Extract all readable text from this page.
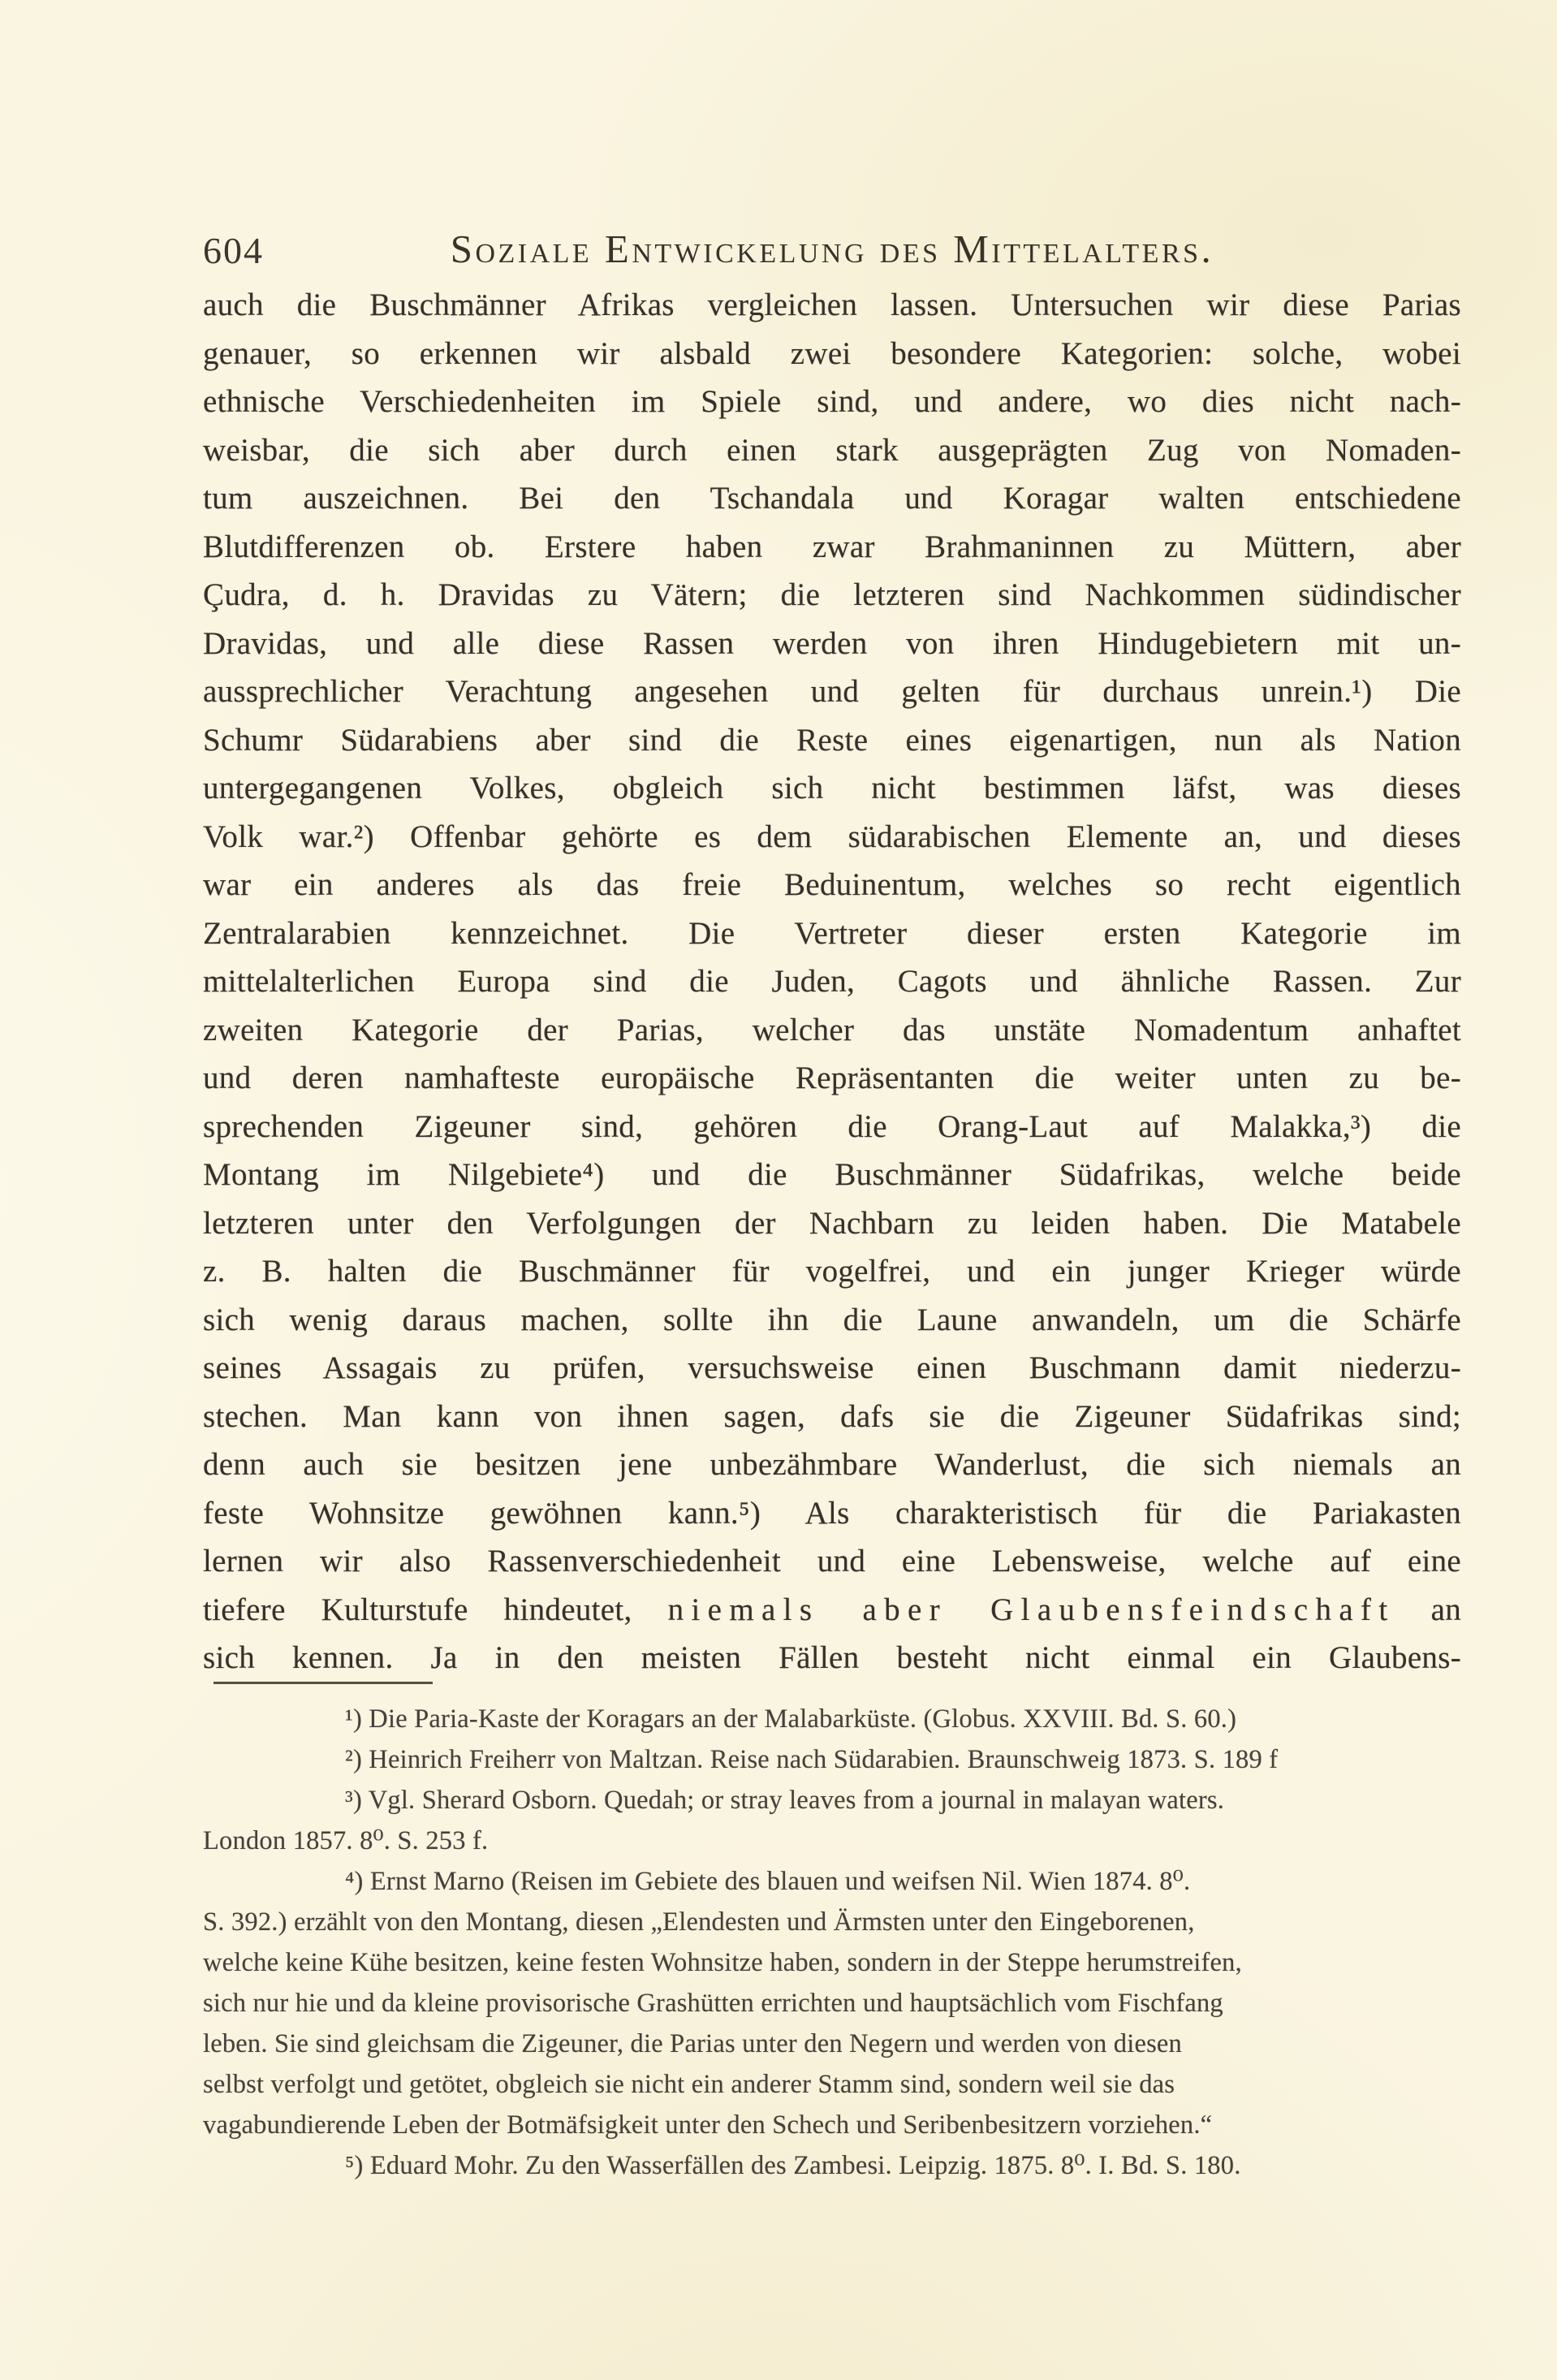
604	Soziale Entwickelung des Mittelalters.
auch die Buschmänner Afrikas vergleichen lassen. Untersuchen wir diese Parias
genauer, so erkennen wir alsbald zwei besondere Kategorien: solche, wobei
ethnische Verschiedenheiten im Spiele sind, und andere, wo dies nicht nach-
weisbar, die sich aber durch einen stark ausgeprägten Zug von Nomaden-
tum auszeichnen. Bei den Tschandala und Koragar walten entschiedene
Blutdifferenzen ob. Erstere haben zwar Brahmaninnen zu Müttern, aber
Çudra, d. h. Dravidas zu Vätern; die letzteren sind Nachkommen südindischer
Dravidas, und alle diese Rassen werden von ihren Hindugebietern mit un-
aussprechlicher Verachtung angesehen und gelten für durchaus unrein.¹) Die
Schumr Südarabiens aber sind die Reste eines eigenartigen, nun als Nation
untergegangenen Volkes, obgleich sich nicht bestimmen läfst, was dieses
Volk war.²) Offenbar gehörte es dem südarabischen Elemente an, und dieses
war ein anderes als das freie Beduinentum, welches so recht eigentlich
Zentralarabien kennzeichnet. Die Vertreter dieser ersten Kategorie im
mittelalterlichen Europa sind die Juden, Cagots und ähnliche Rassen. Zur
zweiten Kategorie der Parias, welcher das unstäte Nomadentum anhaftet
und deren namhafteste europäische Repräsentanten die weiter unten zu be-
sprechenden Zigeuner sind, gehören die Orang-Laut auf Malakka,³) die
Montang im Nilgebiete⁴) und die Buschmänner Südafrikas, welche beide
letzteren unter den Verfolgungen der Nachbarn zu leiden haben. Die Matabele
z. B. halten die Buschmänner für vogelfrei, und ein junger Krieger würde
sich wenig daraus machen, sollte ihn die Laune anwandeln, um die Schärfe
seines Assagais zu prüfen, versuchsweise einen Buschmann damit niederzu-
stechen. Man kann von ihnen sagen, dafs sie die Zigeuner Südafrikas sind;
denn auch sie besitzen jene unbezähmbare Wanderlust, die sich niemals an
feste Wohnsitze gewöhnen kann.⁵) Als charakteristisch für die Pariakasten
lernen wir also Rassenverschiedenheit und eine Lebensweise, welche auf eine
tiefere Kulturstufe hindeutet, niemals aber Glaubensfeindschaft an
sich kennen. Ja in den meisten Fällen besteht nicht einmal ein Glaubens-
¹) Die Paria-Kaste der Koragars an der Malabarküste. (Globus. XXVIII. Bd. S. 60.)
²) Heinrich Freiherr von Maltzan. Reise nach Südarabien. Braunschweig 1873. S. 189 f
³) Vgl. Sherard Osborn. Quedah; or stray leaves from a journal in malayan waters.
London 1857. 8⁰. S. 253 f.
⁴) Ernst Marno (Reisen im Gebiete des blauen und weifsen Nil. Wien 1874. 8⁰.
S. 392.) erzählt von den Montang, diesen „Elendesten und Ärmsten unter den Eingeborenen,
welche keine Kühe besitzen, keine festen Wohnsitze haben, sondern in der Steppe herumstreifen,
sich nur hie und da kleine provisorische Grashütten errichten und hauptsächlich vom Fischfang
leben. Sie sind gleichsam die Zigeuner, die Parias unter den Negern und werden von diesen
selbst verfolgt und getötet, obgleich sie nicht ein anderer Stamm sind, sondern weil sie das
vagabundierende Leben der Botmäfsigkeit unter den Schech und Seribenbesitzern vorziehen.“
⁵) Eduard Mohr. Zu den Wasserfällen des Zambesi. Leipzig. 1875. 8⁰. I. Bd. S. 180.
